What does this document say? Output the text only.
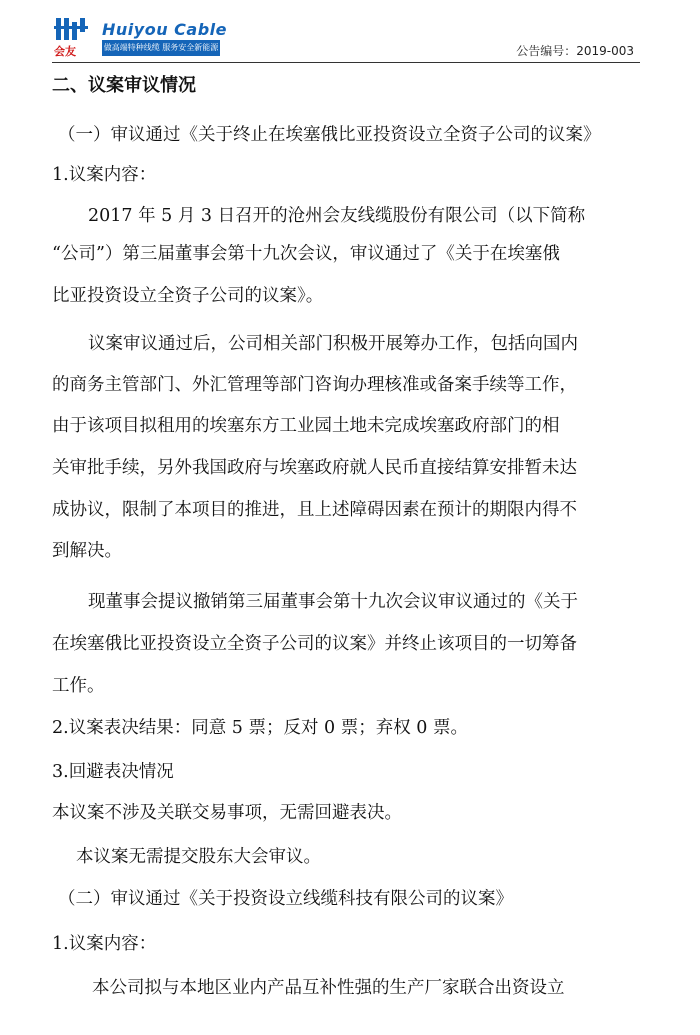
Huiyou Cable
会友	做高端特种线缆 服务安全新能源	公告编号：2019-003
二、议案审议情况
（一）审议通过《关于终止在埃塞俄比亚投资设立全资子公司的议案》
1.议案内容：
2017 年 5 月 3 日召开的沧州会友线缆股份有限公司（以下简称
“公司”）第三届董事会第十九次会议，审议通过了《关于在埃塞俄
比亚投资设立全资子公司的议案》。
议案审议通过后，公司相关部门积极开展筹办工作，包括向国内
的商务主管部门、外汇管理等部门咨询办理核准或备案手续等工作，
由于该项目拟租用的埃塞东方工业园土地未完成埃塞政府部门的相
关审批手续，另外我国政府与埃塞政府就人民币直接结算安排暂未达
成协议，限制了本项目的推进，且上述障碍因素在预计的期限内得不
到解决。
现董事会提议撤销第三届董事会第十九次会议审议通过的《关于
在埃塞俄比亚投资设立全资子公司的议案》并终止该项目的一切筹备
工作。
2.议案表决结果：同意 5 票；反对 0 票；弃权 0 票。
3.回避表决情况
本议案不涉及关联交易事项，无需回避表决。
本议案无需提交股东大会审议。
（二）审议通过《关于投资设立线缆科技有限公司的议案》
1.议案内容：
本公司拟与本地区业内产品互补性强的生产厂家联合出资设立
